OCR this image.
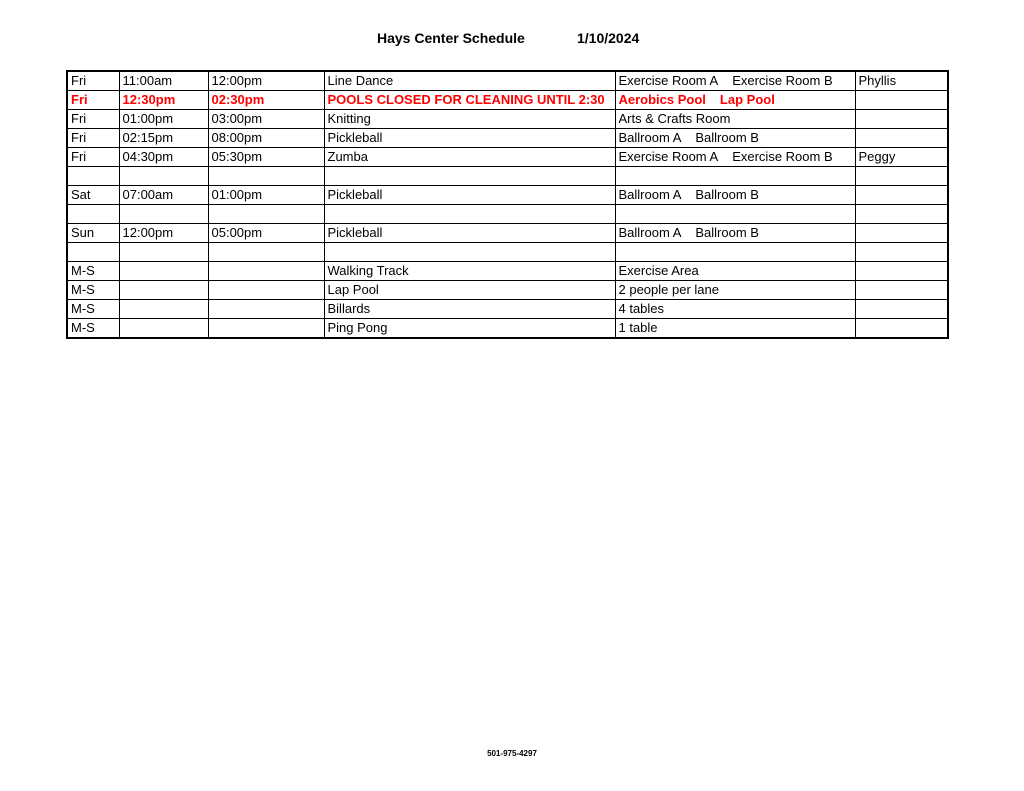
Hays Center Schedule	1/10/2024
Fri	11:00am	12:00pm	Line Dance	Exercise Room A Exercise Room B	Phyllis
Fri	12:30pm	02:30pm	POOLS CLOSED FOR CLEANING UNTIL 2:30	Aerobics Pool Lap Pool	
Fri	01:00pm	03:00pm	Knitting	Arts & Crafts Room	
Fri	02:15pm	08:00pm	Pickleball	Ballroom A Ballroom B	
Fri	04:30pm	05:30pm	Zumba	Exercise Room A Exercise Room B	Peggy

Sat	07:00am	01:00pm	Pickleball	Ballroom A Ballroom B	

Sun	12:00pm	05:00pm	Pickleball	Ballroom A Ballroom B	

M-S			Walking Track	Exercise Area	
M-S			Lap Pool	2 people per lane	
M-S			Billards	4 tables	
M-S			Ping Pong	1 table	
501-975-4297
